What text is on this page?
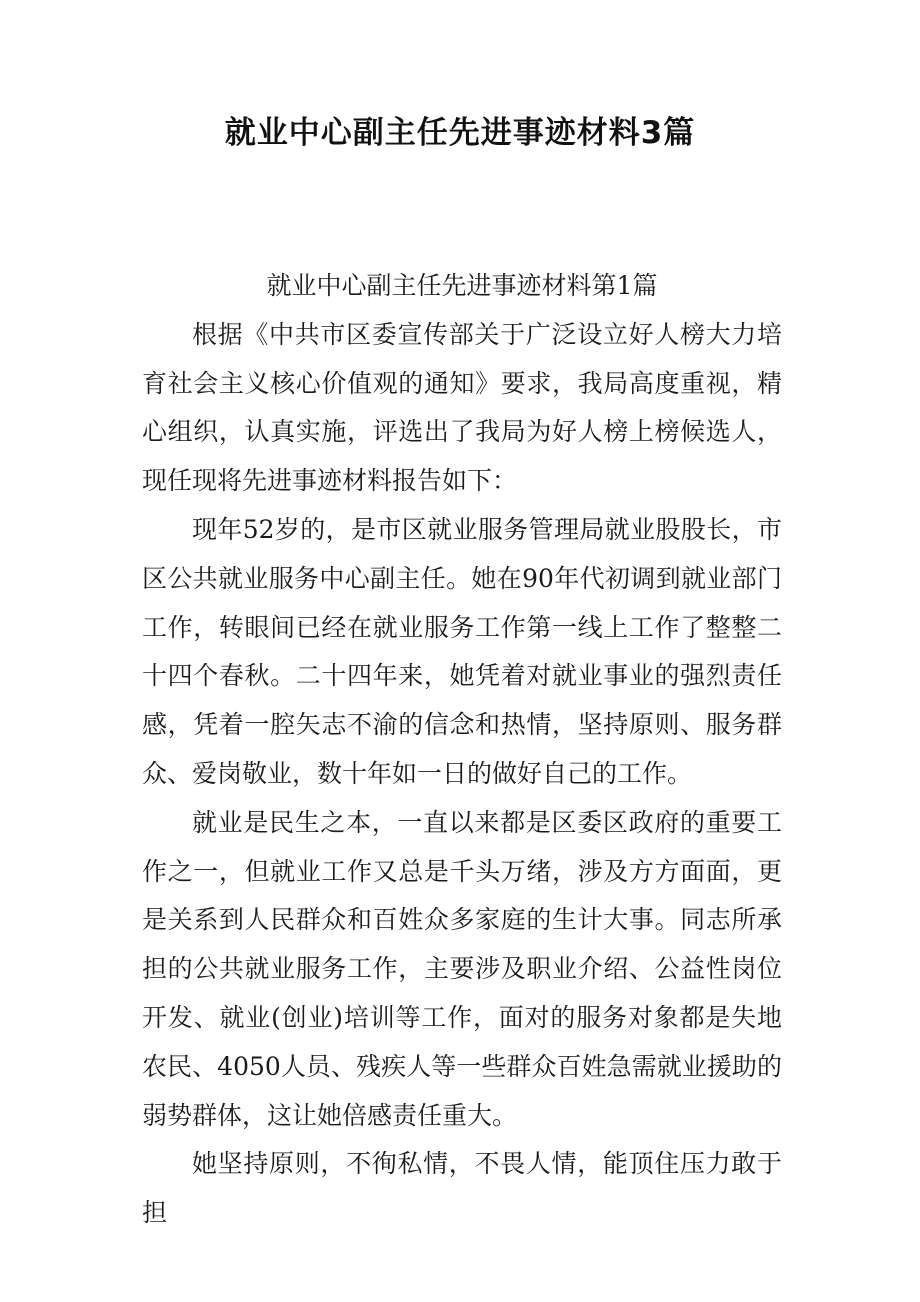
就业中心副主任先进事迹材料3篇

就业中心副主任先进事迹材料第1篇

根据《中共市区委宣传部关于广泛设立好人榜大力培育社会主义核心价值观的通知》要求，我局高度重视，精心组织，认真实施，评选出了我局为好人榜上榜候选人，现任现将先进事迹材料报告如下：

现年52岁的，是市区就业服务管理局就业股股长，市区公共就业服务中心副主任。她在90年代初调到就业部门工作，转眼间已经在就业服务工作第一线上工作了整整二十四个春秋。二十四年来，她凭着对就业事业的强烈责任感，凭着一腔矢志不渝的信念和热情，坚持原则、服务群众、爱岗敬业，数十年如一日的做好自己的工作。

就业是民生之本，一直以来都是区委区政府的重要工作之一，但就业工作又总是千头万绪，涉及方方面面，更是关系到人民群众和百姓众多家庭的生计大事。同志所承担的公共就业服务工作，主要涉及职业介绍、公益性岗位开发、就业(创业)培训等工作，面对的服务对象都是失地农民、4050人员、残疾人等一些群众百姓急需就业援助的弱势群体，这让她倍感责任重大。

她坚持原则，不徇私情，不畏人情，能顶住压力敢于担
